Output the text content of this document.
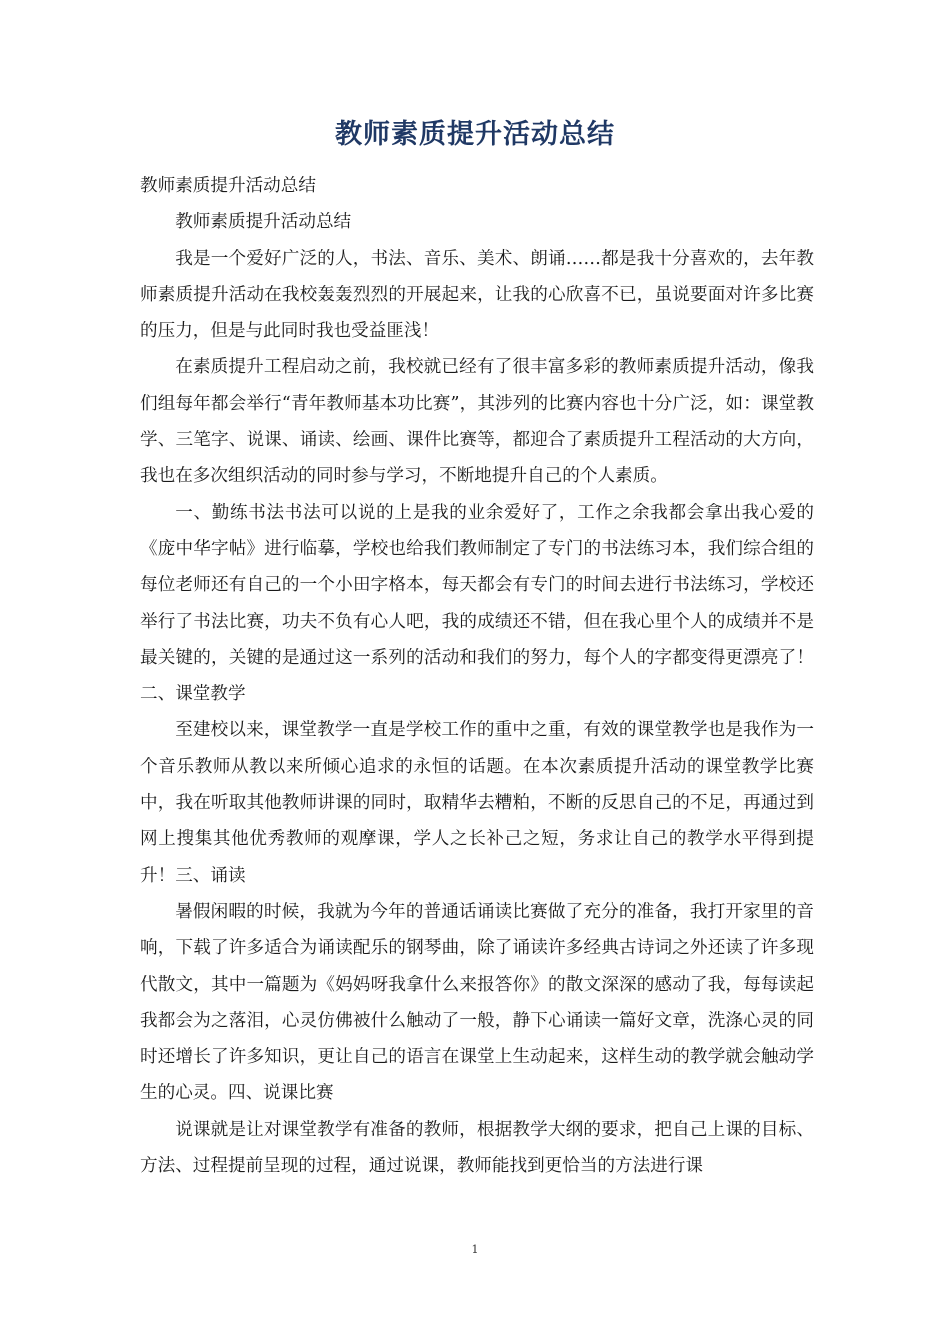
教师素质提升活动总结

教师素质提升活动总结

教师素质提升活动总结

我是一个爱好广泛的人，书法、音乐、美术、朗诵……都是我十分喜欢的，去年教师素质提升活动在我校轰轰烈烈的开展起来，让我的心欣喜不已，虽说要面对许多比赛的压力，但是与此同时我也受益匪浅！

在素质提升工程启动之前，我校就已经有了很丰富多彩的教师素质提升活动，像我们组每年都会举行“青年教师基本功比赛”，其涉列的比赛内容也十分广泛，如：课堂教学、三笔字、说课、诵读、绘画、课件比赛等，都迎合了素质提升工程活动的大方向，我也在多次组织活动的同时参与学习，不断地提升自己的个人素质。

一、勤练书法书法可以说的上是我的业余爱好了，工作之余我都会拿出我心爱的《庞中华字帖》进行临摹，学校也给我们教师制定了专门的书法练习本，我们综合组的每位老师还有自己的一个小田字格本，每天都会有专门的时间去进行书法练习，学校还举行了书法比赛，功夫不负有心人吧，我的成绩还不错，但在我心里个人的成绩并不是最关键的，关键的是通过这一系列的活动和我们的努力，每个人的字都变得更漂亮了！二、课堂教学

至建校以来，课堂教学一直是学校工作的重中之重，有效的课堂教学也是我作为一个音乐教师从教以来所倾心追求的永恒的话题。在本次素质提升活动的课堂教学比赛中，我在听取其他教师讲课的同时，取精华去糟粕，不断的反思自己的不足，再通过到网上搜集其他优秀教师的观摩课，学人之长补己之短，务求让自己的教学水平得到提升！三、诵读

暑假闲暇的时候，我就为今年的普通话诵读比赛做了充分的准备，我打开家里的音响，下载了许多适合为诵读配乐的钢琴曲，除了诵读许多经典古诗词之外还读了许多现代散文，其中一篇题为《妈妈呀我拿什么来报答你》的散文深深的感动了我，每每读起我都会为之落泪，心灵仿佛被什么触动了一般，静下心诵读一篇好文章，洗涤心灵的同时还增长了许多知识，更让自己的语言在课堂上生动起来，这样生动的教学就会触动学生的心灵。四、说课比赛

说课就是让对课堂教学有准备的教师，根据教学大纲的要求，把自己上课的目标、方法、过程提前呈现的过程，通过说课，教师能找到更恰当的方法进行课

1
